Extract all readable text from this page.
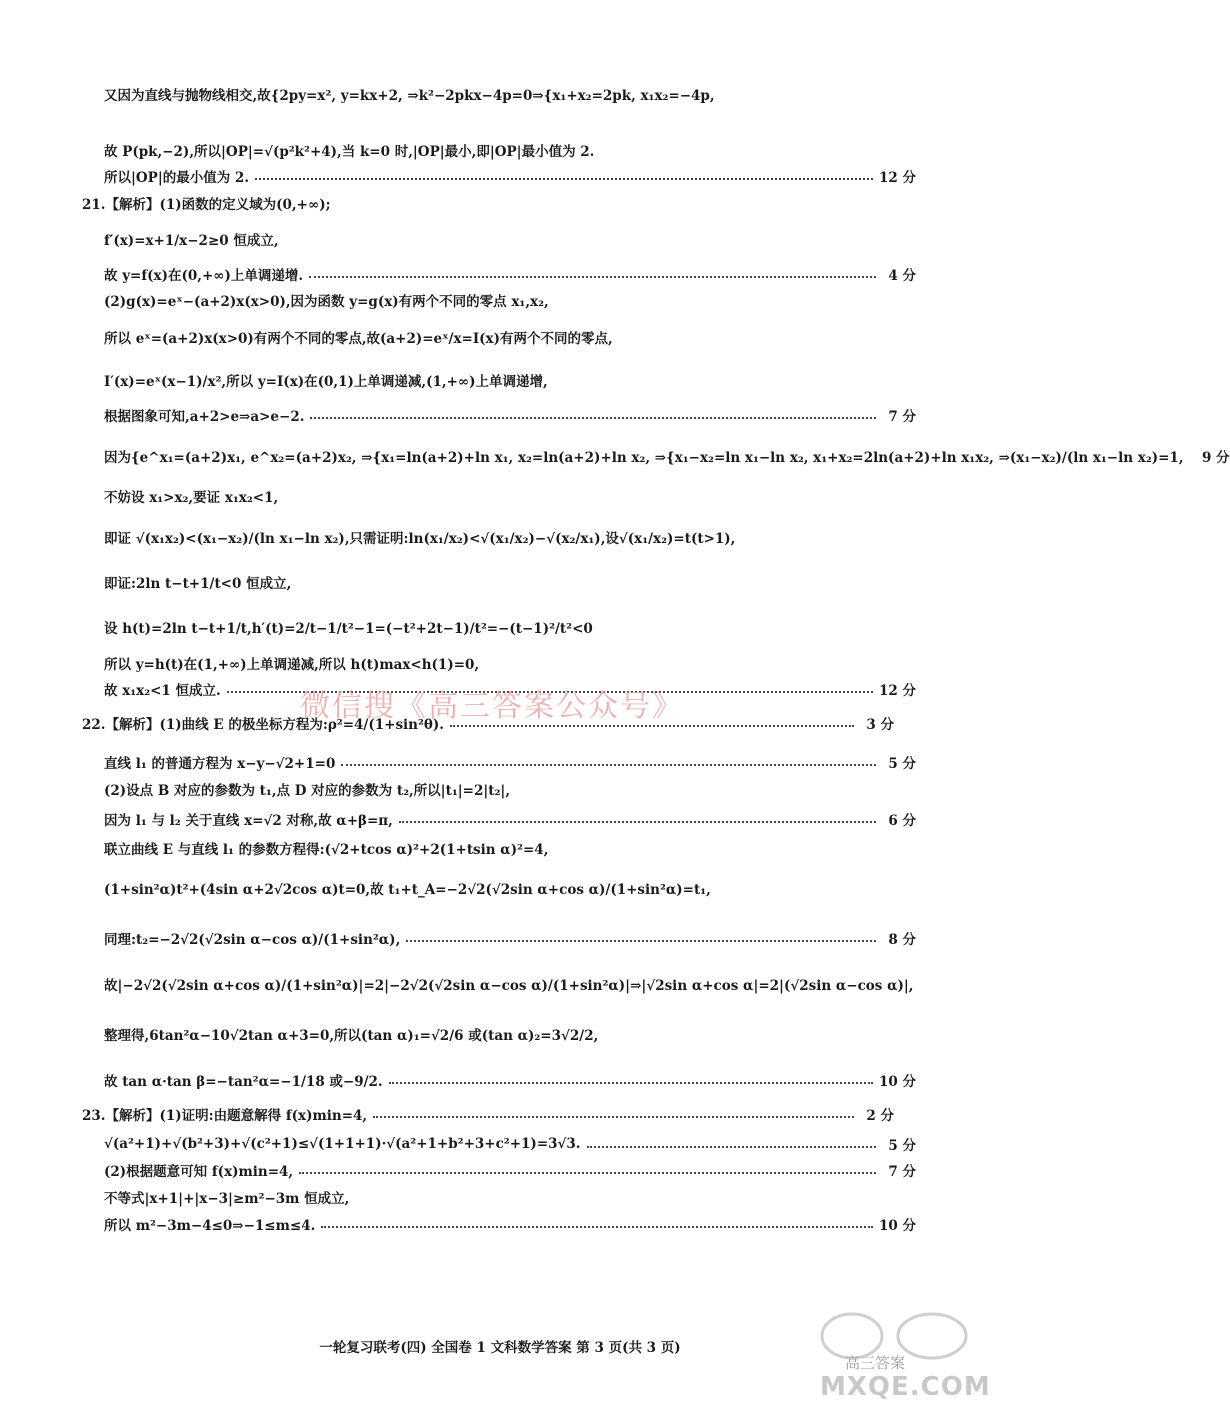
又因为直线与抛物线相交,故{2py=x², y=kx+2, ⇒k²−2pkx−4p=0⇒{x₁+x₂=2pk, x₁x₂=−4p,
故 P(pk,−2),所以|OP|=√(p²k²+4),当 k=0 时,|OP|最小,即|OP|最小值为 2.
所以|OP|的最小值为 2.	12 分
21.【解析】(1)函数的定义域为(0,+∞);
f′(x)=x+1/x−2≥0 恒成立,
故 y=f(x)在(0,+∞)上单调递增.	4 分
(2)g(x)=eˣ−(a+2)x(x>0),因为函数 y=g(x)有两个不同的零点 x₁,x₂,
所以 eˣ=(a+2)x(x>0)有两个不同的零点,故(a+2)=eˣ/x=I(x)有两个不同的零点,
I′(x)=eˣ(x−1)/x²,所以 y=I(x)在(0,1)上单调递减,(1,+∞)上单调递增,
根据图象可知,a+2>e⇒a>e−2.	7 分
因为{e^x₁=(a+2)x₁, e^x₂=(a+2)x₂, ⇒{x₁=ln(a+2)+ln x₁, x₂=ln(a+2)+ln x₂, ⇒{x₁−x₂=ln x₁−ln x₂, x₁+x₂=2ln(a+2)+ln x₁x₂, ⇒(x₁−x₂)/(ln x₁−ln x₂)=1,	9 分
不妨设 x₁>x₂,要证 x₁x₂<1,
即证 √(x₁x₂)<(x₁−x₂)/(ln x₁−ln x₂),只需证明:ln(x₁/x₂)<√(x₁/x₂)−√(x₂/x₁),设√(x₁/x₂)=t(t>1),
即证:2ln t−t+1/t<0 恒成立,
设 h(t)=2ln t−t+1/t,h′(t)=2/t−1/t²−1=(−t²+2t−1)/t²=−(t−1)²/t²<0
所以 y=h(t)在(1,+∞)上单调递减,所以 h(t)max<h(1)=0,
故 x₁x₂<1 恒成立.	12 分
22.【解析】(1)曲线 E 的极坐标方程为:ρ²=4/(1+sin²θ).	3 分
直线 l₁ 的普通方程为 x−y−√2+1=0	5 分
(2)设点 B 对应的参数为 t₁,点 D 对应的参数为 t₂,所以|t₁|=2|t₂|,
因为 l₁ 与 l₂ 关于直线 x=√2 对称,故 α+β=π,	6 分
联立曲线 E 与直线 l₁ 的参数方程得:(√2+tcos α)²+2(1+tsin α)²=4,
(1+sin²α)t²+(4sin α+2√2cos α)t=0,故 t₁+t_A=−2√2(√2sin α+cos α)/(1+sin²α)=t₁,
同理:t₂=−2√2(√2sin α−cos α)/(1+sin²α),	8 分
故|−2√2(√2sin α+cos α)/(1+sin²α)|=2|−2√2(√2sin α−cos α)/(1+sin²α)|⇒|√2sin α+cos α|=2|(√2sin α−cos α)|,
整理得,6tan²α−10√2tan α+3=0,所以(tan α)₁=√2/6 或(tan α)₂=3√2/2,
故 tan α·tan β=−tan²α=−1/18 或−9/2.	10 分
23.【解析】(1)证明:由题意解得 f(x)min=4,	2 分
√(a²+1)+√(b²+3)+√(c²+1)≤√(1+1+1)·√(a²+1+b²+3+c²+1)=3√3.	5 分
(2)根据题意可知 f(x)min=4,	7 分
不等式|x+1|+|x−3|≥m²−3m 恒成立,
所以 m²−3m−4≤0⇒−1≤m≤4.	10 分
微信搜《高三答案公众号》
一轮复习联考(四) 全国卷 1 文科数学答案 第 3 页(共 3 页)
高三答案
MXQE.COM
